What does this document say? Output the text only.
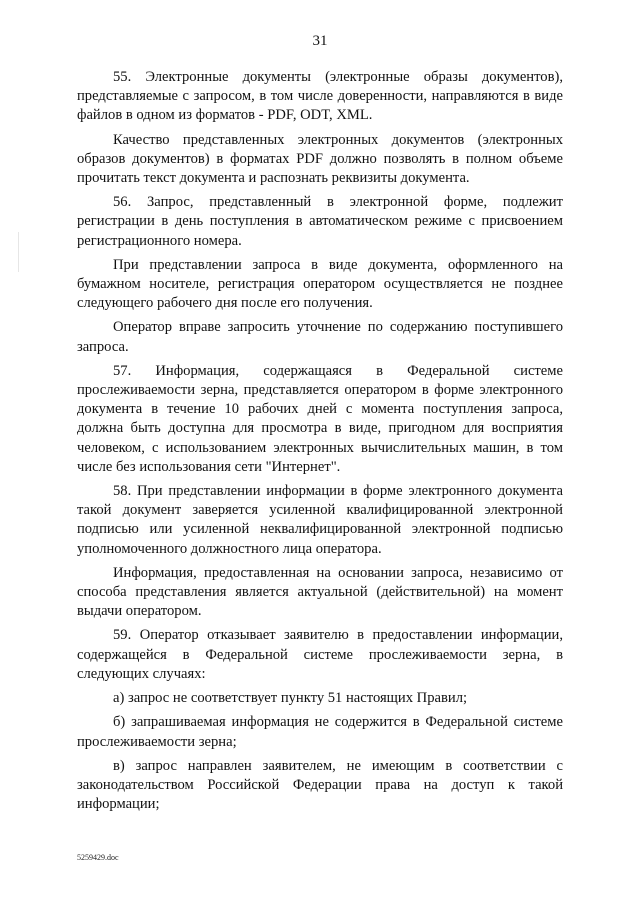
31

55. Электронные документы (электронные образы документов), представляемые с запросом, в том числе доверенности, направляются в виде файлов в одном из форматов - PDF, ODT, XML.

Качество представленных электронных документов (электронных образов документов) в форматах PDF должно позволять в полном объеме прочитать текст документа и распознать реквизиты документа.

56. Запрос, представленный в электронной форме, подлежит регистрации в день поступления в автоматическом режиме с присвоением регистрационного номера.

При представлении запроса в виде документа, оформленного на бумажном носителе, регистрация оператором осуществляется не позднее следующего рабочего дня после его получения.

Оператор вправе запросить уточнение по содержанию поступившего запроса.

57. Информация, содержащаяся в Федеральной системе прослеживаемости зерна, представляется оператором в форме электронного документа в течение 10 рабочих дней с момента поступления запроса, должна быть доступна для просмотра в виде, пригодном для восприятия человеком, с использованием электронных вычислительных машин, в том числе без использования сети "Интернет".

58. При представлении информации в форме электронного документа такой документ заверяется усиленной квалифицированной электронной подписью или усиленной неквалифицированной электронной подписью уполномоченного должностного лица оператора.

Информация, предоставленная на основании запроса, независимо от способа представления является актуальной (действительной) на момент выдачи оператором.

59. Оператор отказывает заявителю в предоставлении информации, содержащейся в Федеральной системе прослеживаемости зерна, в следующих случаях:

а) запрос не соответствует пункту 51 настоящих Правил;

б) запрашиваемая информация не содержится в Федеральной системе прослеживаемости зерна;

в) запрос направлен заявителем, не имеющим в соответствии с законодательством Российской Федерации права на доступ к такой информации;

5259429.doc
